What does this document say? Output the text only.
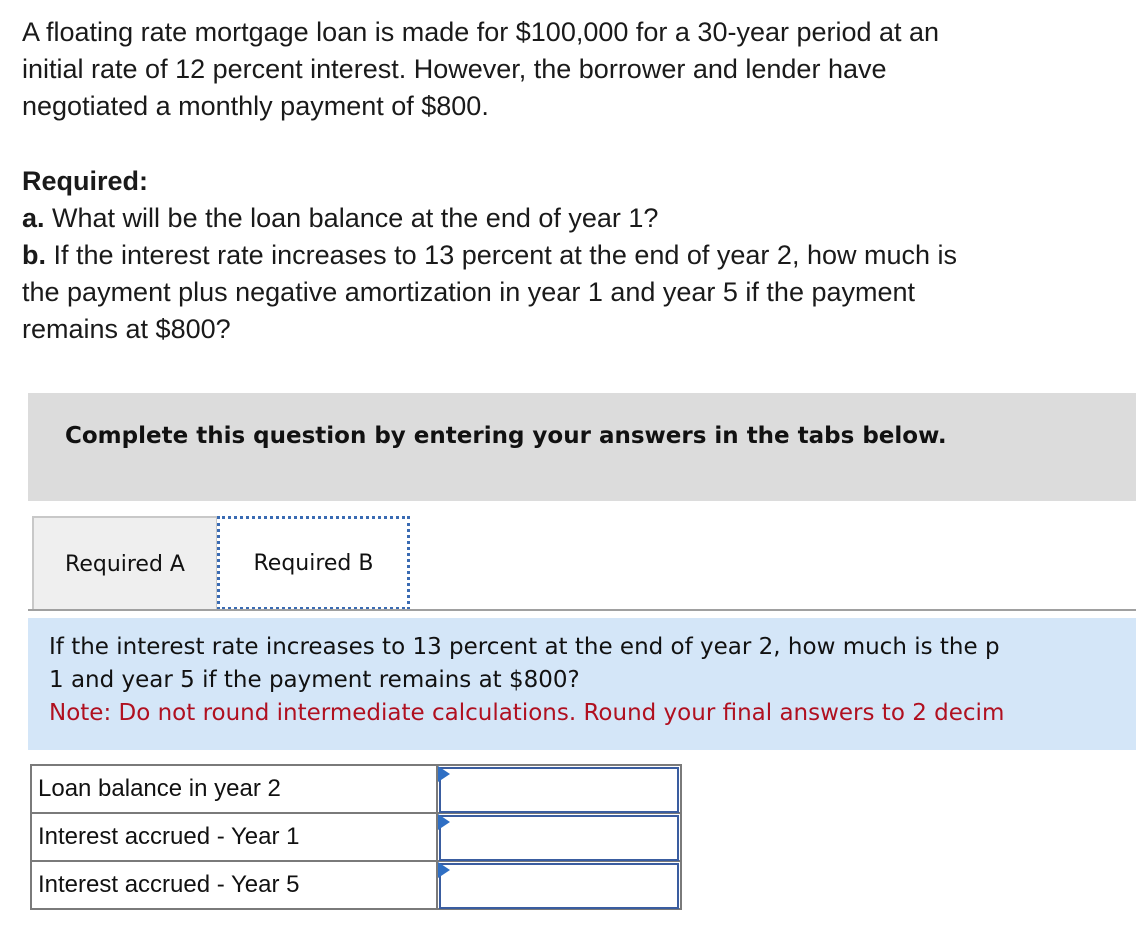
A floating rate mortgage loan is made for $100,000 for a 30-year period at an

initial rate of 12 percent interest. However, the borrower and lender have

negotiated a monthly payment of $800.

Required:

a. What will be the loan balance at the end of year 1?

b. If the interest rate increases to 13 percent at the end of year 2, how much is

the payment plus negative amortization in year 1 and year 5 if the payment

remains at $800?

Complete this question by entering your answers in the tabs below.
Required A	Required B
If the interest rate increases to 13 percent at the end of year 2, how much is the p
1 and year 5 if the payment remains at $800?
Note: Do not round intermediate calculations. Round your final answers to 2 decim
Loan balance in year 2	

Interest accrued - Year 1	

Interest accrued - Year 5	
